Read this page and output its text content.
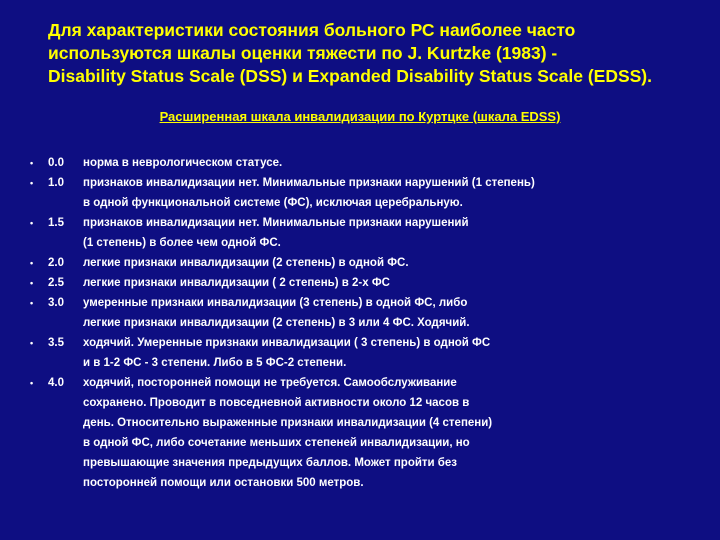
Для характеристики состояния больного РС наиболее часто
используются шкалы оценки тяжести по J. Kurtzke (1983) -
Disability Status Scale (DSS) и Expanded Disability Status Scale (EDSS).
Расширенная шкала инвалидизации по Куртцке (шкала EDSS)
• 0.0 норма в неврологическом статусе.
• 1.0 признаков инвалидизации нет. Минимальные признаки нарушений (1 степень)
в одной функциональной системе (ФС), исключая церебральную.
• 1.5 признаков инвалидизации нет. Минимальные признаки нарушений
(1 степень) в более чем одной ФС.
• 2.0 легкие признаки инвалидизации (2 степень) в одной ФС.
• 2.5 легкие признаки инвалидизации ( 2 степень) в 2-х ФС
• 3.0 умеренные признаки инвалидизации (3 степень) в одной ФС, либо
легкие признаки инвалидизации (2 степень) в 3 или 4 ФС. Ходячий.
• 3.5 ходячий. Умеренные признаки инвалидизации ( 3 степень) в одной ФС
и в 1-2 ФС - 3 степени. Либо в 5 ФС-2 степени.
• 4.0 ходячий, посторонней помощи не требуется. Самообслуживание
сохранено. Проводит в повседневной активности около 12 часов в
день. Относительно выраженные признаки инвалидизации (4 степени)
в одной ФС, либо сочетание меньших степеней инвалидизации, но
превышающие значения предыдущих баллов. Может пройти без
посторонней помощи или остановки 500 метров.
